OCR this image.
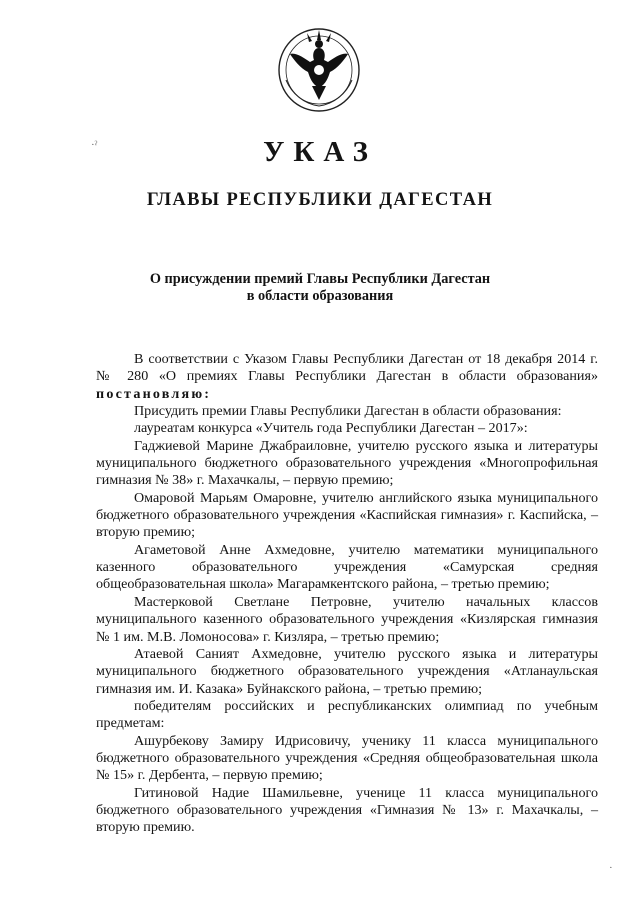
УКАЗ
ГЛАВЫ РЕСПУБЛИКИ ДАГЕСТАН
О присуждении премий Главы Республики Дагестан
в области образования

В соответствии с Указом Главы Республики Дагестан от 18 декабря 2014 г. № 280 «О премиях Главы Республики Дагестан в области образования» постановляю:

Присудить премии Главы Республики Дагестан в области образования:

лауреатам конкурса «Учитель года Республики Дагестан – 2017»:

Гаджиевой Марине Джабраиловне, учителю русского языка и литературы муниципального бюджетного образовательного учреждения «Многопрофильная гимназия № 38» г. Махачкалы, – первую премию;

Омаровой Марьям Омаровне, учителю английского языка муниципального бюджетного образовательного учреждения «Каспийская гимназия» г. Каспийска, – вторую премию;

Агаметовой Анне Ахмедовне, учителю математики муниципального казенного образовательного учреждения «Самурская средняя общеобразовательная школа» Магарамкентского района, – третью премию;

Мастерковой Светлане Петровне, учителю начальных классов муниципального казенного образовательного учреждения «Кизлярская гимназия № 1 им. М.В. Ломоносова» г. Кизляра, – третью премию;

Атаевой Саният Ахмедовне, учителю русского языка и литературы муниципального бюджетного образовательного учреждения «Атланаульская гимназия им. И. Казака» Буйнакского района, – третью премию;

победителям российских и республиканских олимпиад по учебным предметам:

Ашурбекову Замиру Идрисовичу, ученику 11 класса муниципального бюджетного образовательного учреждения «Средняя общеобразовательная школа № 15» г. Дербента, – первую премию;

Гитиновой Надие Шамильевне, ученице 11 класса муниципального бюджетного образовательного учреждения «Гимназия № 13» г. Махачкалы, – вторую премию.

·ˀ
·
